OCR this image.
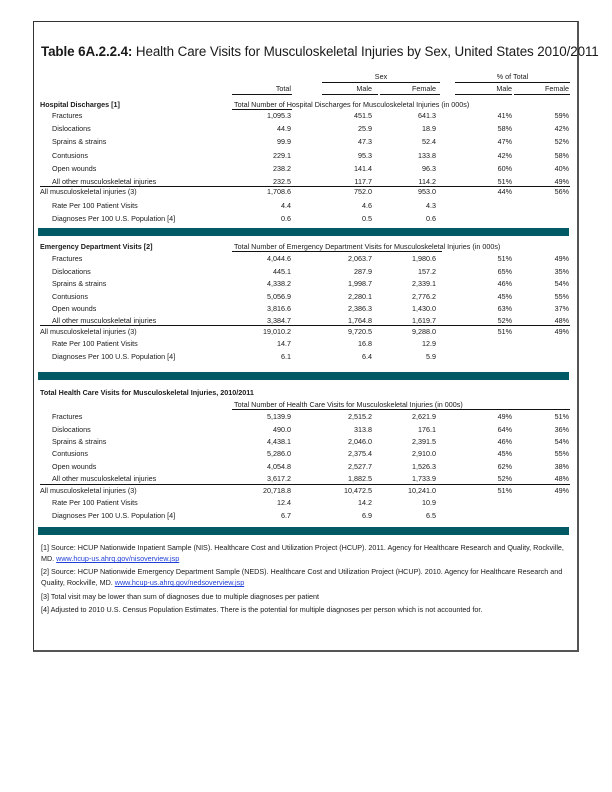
Table 6A.2.2.4: Health Care Visits for Musculoskeletal Injuries by Sex, United States 2010/2011
Sex	% of Total
Total	Male	Female	Male	Female
Hospital Discharges [1]	Total Number of Hospital Discharges for Musculoskeletal Injuries (in 000s)
Fractures	1,095.3	451.5	641.3	41%	59%
Dislocations	44.9	25.9	18.9	58%	42%
Sprains & strains	99.9	47.3	52.4	47%	52%
Contusions	229.1	95.3	133.8	42%	58%
Open wounds	238.2	141.4	96.3	60%	40%
All other musculoskeletal injuries	232.5	117.7	114.2	51%	49%
All musculoskeletal injuries (3)	1,708.6	752.0	953.0	44%	56%
Rate Per 100 Patient Visits	4.4	4.6	4.3
Diagnoses Per 100 U.S. Population [4]	0.6	0.5	0.6
Emergency Department Visits [2]	Total Number of Emergency Department Visits for Musculoskeletal Injuries (in 000s)
Fractures	4,044.6	2,063.7	1,980.6	51%	49%
Dislocations	445.1	287.9	157.2	65%	35%
Sprains & strains	4,338.2	1,998.7	2,339.1	46%	54%
Contusions	5,056.9	2,280.1	2,776.2	45%	55%
Open wounds	3,816.6	2,386.3	1,430.0	63%	37%
All other musculoskeletal injuries	3,384.7	1,764.8	1,619.7	52%	48%
All musculoskeletal injuries (3)	19,010.2	9,720.5	9,288.0	51%	49%
Rate Per 100 Patient Visits	14.7	16.8	12.9
Diagnoses Per 100 U.S. Population [4]	6.1	6.4	5.9
Total Health Care Visits for Musculoskeletal Injuries, 2010/2011
Total Number of Health Care Visits for Musculoskeletal Injuries (in 000s)
Fractures	5,139.9	2,515.2	2,621.9	49%	51%
Dislocations	490.0	313.8	176.1	64%	36%
Sprains & strains	4,438.1	2,046.0	2,391.5	46%	54%
Contusions	5,286.0	2,375.4	2,910.0	45%	55%
Open wounds	4,054.8	2,527.7	1,526.3	62%	38%
All other musculoskeletal injuries	3,617.2	1,882.5	1,733.9	52%	48%
All musculoskeletal injuries (3)	20,718.8	10,472.5	10,241.0	51%	49%
Rate Per 100 Patient Visits	12.4	14.2	10.9
Diagnoses Per 100 U.S. Population [4]	6.7	6.9	6.5
[1] Source: HCUP Nationwide Inpatient Sample (NIS). Healthcare Cost and Utilization Project (HCUP). 2011. Agency for Healthcare Research and Quality, Rockville, MD. www.hcup-us.ahrq.gov/nisoverview.jsp
[2] Source: HCUP Nationwide Emergency Department Sample (NEDS). Healthcare Cost and Utilization Project (HCUP). 2010. Agency for Healthcare Research and Quality, Rockville, MD. www.hcup-us.ahrq.gov/nedsoverview.jsp
[3] Total visit may be lower than sum of diagnoses due to multiple diagnoses per patient
[4] Adjusted to 2010 U.S. Census Population Estimates. There is the potential for multiple diagnoses per person which is not accounted for.
